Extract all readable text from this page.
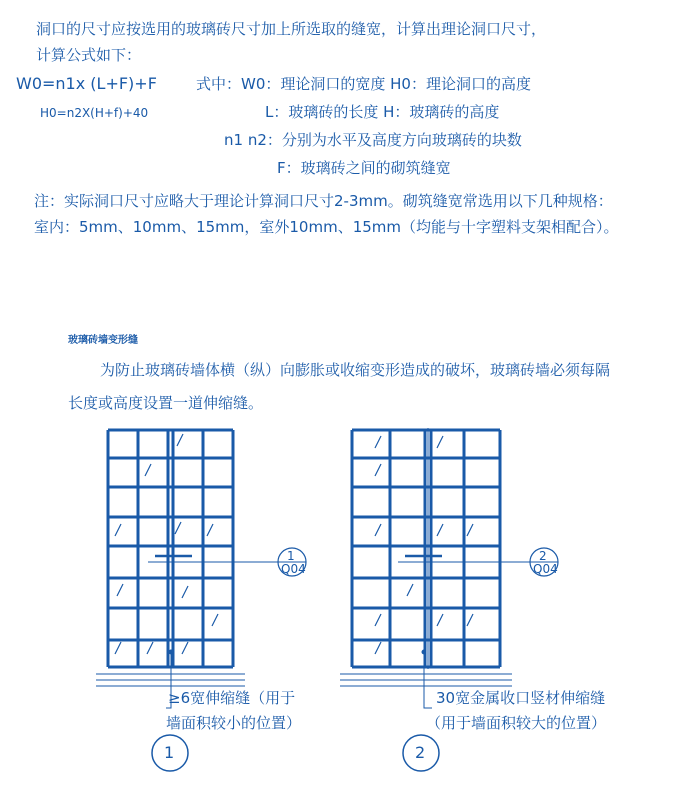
洞口的尺寸应按选用的玻璃砖尺寸加上所选取的缝宽，计算出理论洞口尺寸，
计算公式如下：
W0=n1x (L+F)+F
H0=n2X(H+f)+40
式中：W0：理论洞口的宽度 H0：理论洞口的高度
L：玻璃砖的长度 H：玻璃砖的高度
n1 n2：分别为水平及高度方向玻璃砖的块数
F：玻璃砖之间的砌筑缝宽
注：实际洞口尺寸应略大于理论计算洞口尺寸2-3mm。砌筑缝宽常选用以下几种规格：
室内：5mm、10mm、15mm，室外10mm、15mm（均能与十字塑料支架相配合）。
玻璃砖墙变形缝
为防止玻璃砖墙体横（纵）向膨胀或收缩变形造成的破坏，玻璃砖墙必须每隔
长度或高度设置一道伸缩缝。
1
Q04
2
Q04
≥6宽伸缩缝（用于
墙面积较小的位置）
30宽金属收口竖材伸缩缝
（用于墙面积较大的位置）
1	2
